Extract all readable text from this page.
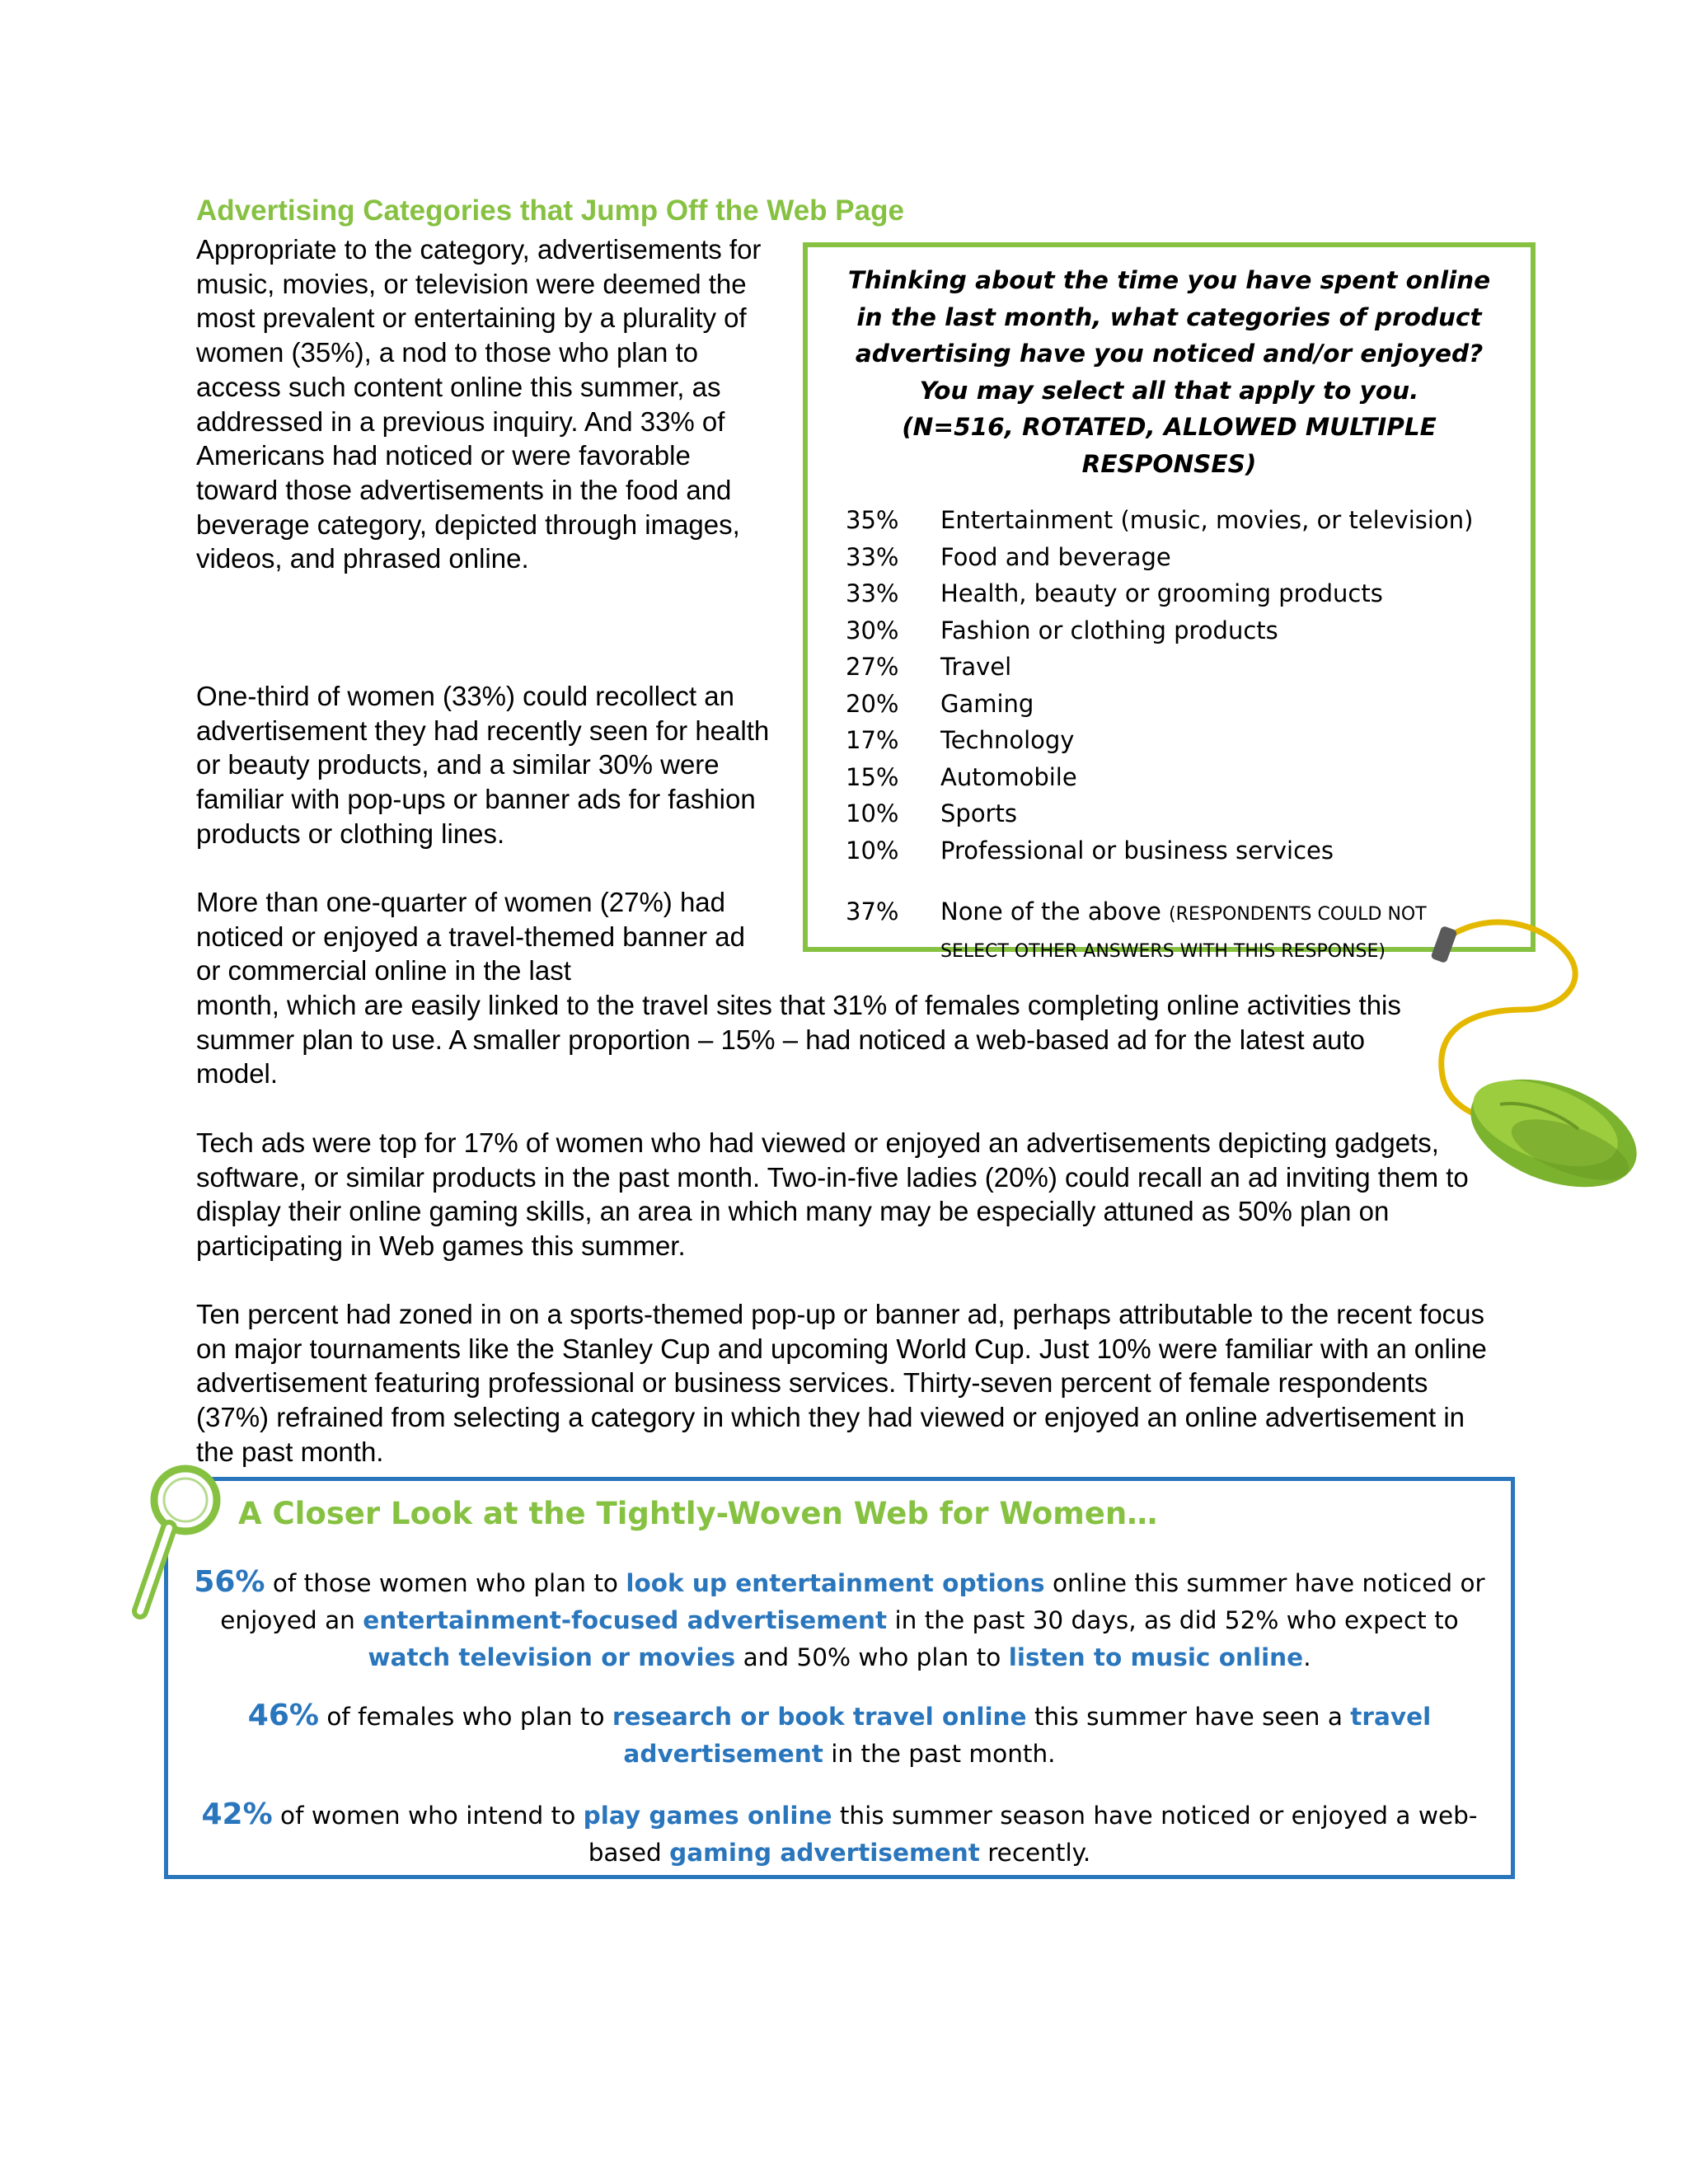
Advertising Categories that Jump Off the Web Page

Appropriate to the category, advertisements for music, movies, or television were deemed the most prevalent or entertaining by a plurality of women (35%), a nod to those who plan to access such content online this summer, as addressed in a previous inquiry. And 33% of Americans had noticed or were favorable toward those advertisements in the food and beverage category, depicted through images, videos, and phrased online.

One-third of women (33%) could recollect an advertisement they had recently seen for health or beauty products, and a similar 30% were familiar with pop-ups or banner ads for fashion products or clothing lines.

More than one-quarter of women (27%) had noticed or enjoyed a travel-themed banner ad or commercial online in the last

month, which are easily linked to the travel sites that 31% of females completing online activities this summer plan to use. A smaller proportion – 15% – had noticed a web-based ad for the latest auto model.

Tech ads were top for 17% of women who had viewed or enjoyed an advertisements depicting gadgets, software, or similar products in the past month. Two-in-five ladies (20%) could recall an ad inviting them to display their online gaming skills, an area in which many may be especially attuned as 50% plan on participating in Web games this summer.

Ten percent had zoned in on a sports-themed pop-up or banner ad, perhaps attributable to the recent focus on major tournaments like the Stanley Cup and upcoming World Cup. Just 10% were familiar with an online advertisement featuring professional or business services. Thirty-seven percent of female respondents (37%) refrained from selecting a category in which they had viewed or enjoyed an online advertisement in the past month.

Thinking about the time you have spent online in the last month, what categories of product advertising have you noticed and/or enjoyed? You may select all that apply to you.
(N=516, ROTATED, ALLOWED MULTIPLE RESPONSES)

35%	Entertainment (music, movies, or television)
33%	Food and beverage
33%	Health, beauty or grooming products
30%	Fashion or clothing products
27%	Travel
20%	Gaming
17%	Technology
15%	Automobile
10%	Sports
10%	Professional or business services
37%	None of the above (RESPONDENTS COULD NOT SELECT OTHER ANSWERS WITH THIS RESPONSE)
A Closer Look at the Tightly-Woven Web for Women…

56% of those women who plan to look up entertainment options online this summer have noticed or enjoyed an entertainment-focused advertisement in the past 30 days, as did 52% who expect to watch television or movies and 50% who plan to listen to music online.

46% of females who plan to research or book travel online this summer have seen a travel advertisement in the past month.

42% of women who intend to play games online this summer season have noticed or enjoyed a web-based gaming advertisement recently.
